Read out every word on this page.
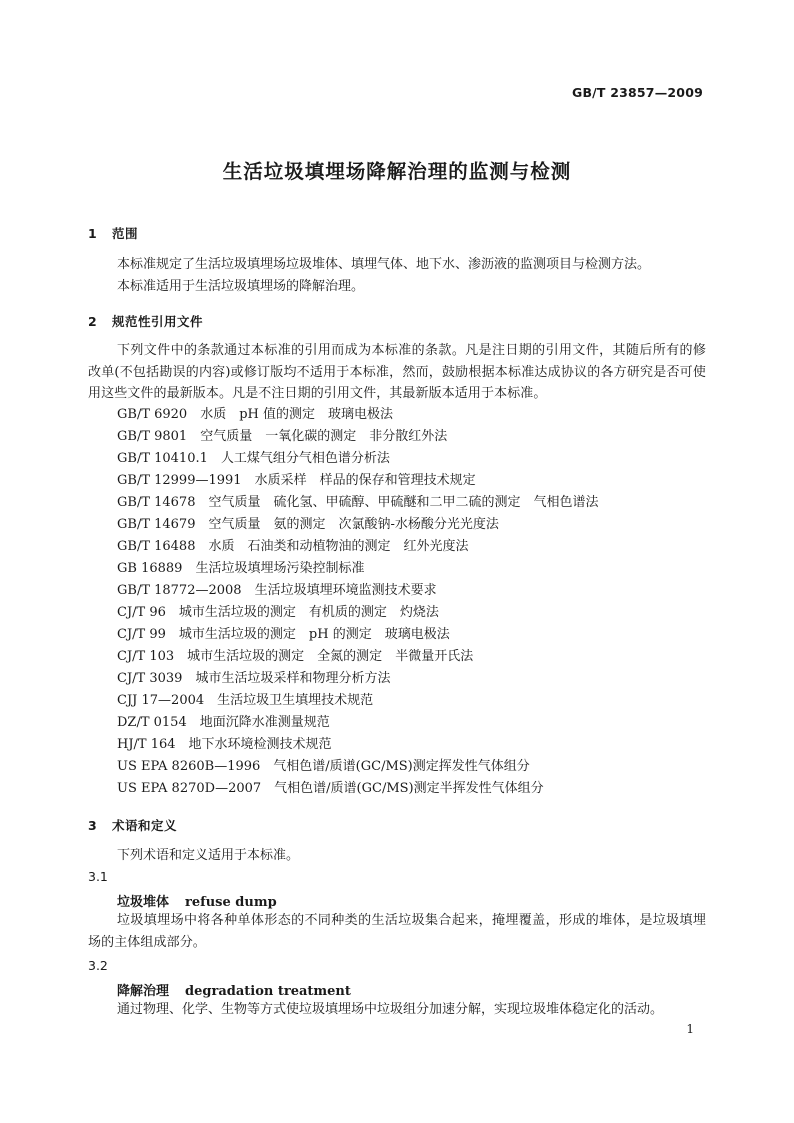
GB/T 23857—2009
生活垃圾填埋场降解治理的监测与检测
1 范围
本标准规定了生活垃圾填埋场垃圾堆体、填埋气体、地下水、渗沥液的监测项目与检测方法。
本标准适用于生活垃圾填埋场的降解治理。
2 规范性引用文件
下列文件中的条款通过本标准的引用而成为本标准的条款。凡是注日期的引用文件，其随后所有的修改单(不包括勘误的内容)或修订版均不适用于本标准，然而，鼓励根据本标准达成协议的各方研究是否可使用这些文件的最新版本。凡是不注日期的引用文件，其最新版本适用于本标准。
GB/T 6920 水质 pH 值的测定 玻璃电极法
GB/T 9801 空气质量 一氧化碳的测定 非分散红外法
GB/T 10410.1 人工煤气组分气相色谱分析法
GB/T 12999—1991 水质采样 样品的保存和管理技术规定
GB/T 14678 空气质量 硫化氢、甲硫醇、甲硫醚和二甲二硫的测定 气相色谱法
GB/T 14679 空气质量 氨的测定 次氯酸钠-水杨酸分光光度法
GB/T 16488 水质 石油类和动植物油的测定 红外光度法
GB 16889 生活垃圾填埋场污染控制标准
GB/T 18772—2008 生活垃圾填埋环境监测技术要求
CJ/T 96 城市生活垃圾的测定 有机质的测定 灼烧法
CJ/T 99 城市生活垃圾的测定 pH 的测定 玻璃电极法
CJ/T 103 城市生活垃圾的测定 全氮的测定 半微量开氏法
CJ/T 3039 城市生活垃圾采样和物理分析方法
CJJ 17—2004 生活垃圾卫生填埋技术规范
DZ/T 0154 地面沉降水准测量规范
HJ/T 164 地下水环境检测技术规范
US EPA 8260B—1996 气相色谱/质谱(GC/MS)测定挥发性气体组分
US EPA 8270D—2007 气相色谱/质谱(GC/MS)测定半挥发性气体组分
3 术语和定义
下列术语和定义适用于本标准。
3.1
垃圾堆体 refuse dump
垃圾填埋场中将各种单体形态的不同种类的生活垃圾集合起来，掩埋覆盖，形成的堆体，是垃圾填埋场的主体组成部分。
3.2
降解治理 degradation treatment
通过物理、化学、生物等方式使垃圾填埋场中垃圾组分加速分解，实现垃圾堆体稳定化的活动。
1
